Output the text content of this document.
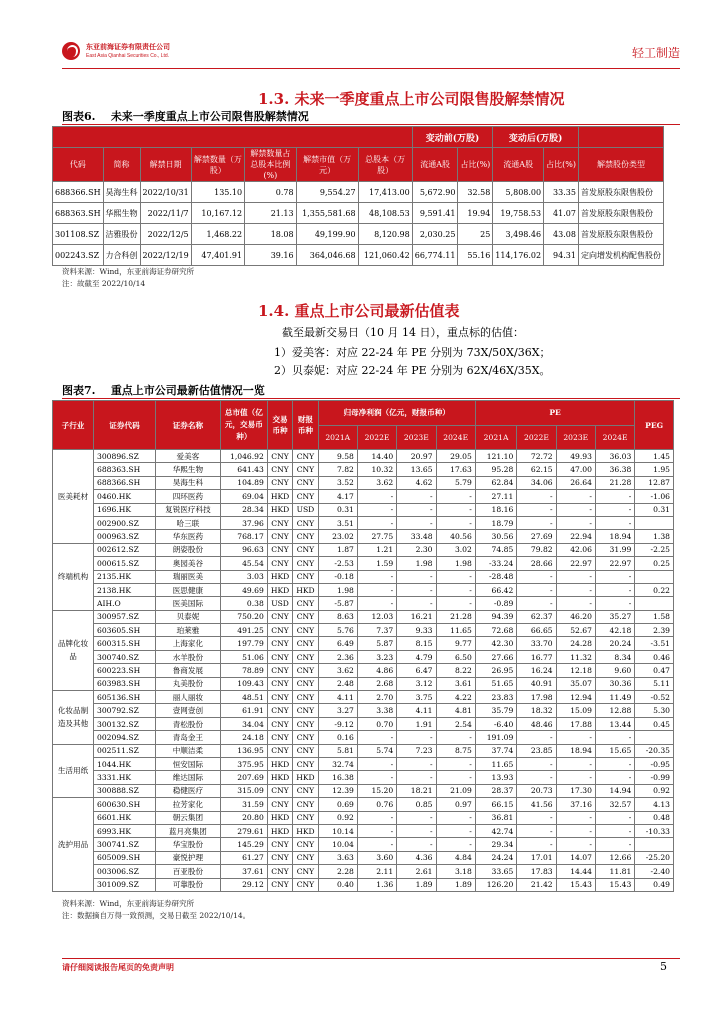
东亚前海证券有限责任公司
East Asia Qianhai Securities Co., Ltd.	轻工制造
1.3. 未来一季度重点上市公司限售股解禁情况
图表6. 未来一季度重点上市公司限售股解禁情况
							变动前(万股)		变动后(万股)		
代码	简称	解禁日期	解禁数量（万股）	解禁数量占总股本比例(%)	解禁市值（万元）	总股本（万股）	流通A股	占比(%)	流通A股	占比(%)	解禁股份类型
688366.SH	昊海生科	2022/10/31	135.10	0.78	9,554.27	17,413.00	5,672.90	32.58	5,808.00	33.35	首发原股东限售股份
688363.SH	华熙生物	2022/11/7	10,167.12	21.13	1,355,581.68	48,108.53	9,591.41	19.94	19,758.53	41.07	首发原股东限售股份
301108.SZ	洁雅股份	2022/12/5	1,468.22	18.08	49,199.90	8,120.98	2,030.25	25	3,498.46	43.08	首发原股东限售股份
002243.SZ	力合科创	2022/12/19	47,401.91	39.16	364,046.68	121,060.42	66,774.11	55.16	114,176.02	94.31	定向增发机构配售股份
资料来源：Wind，东亚前海证券研究所
注：故截至 2022/10/14
1.4. 重点上市公司最新估值表
截至最新交易日（10 月 14 日），重点标的估值：
1）爱美客：对应 22-24 年 PE 分别为 73X/50X/36X；
2）贝泰妮：对应 22-24 年 PE 分别为 62X/46X/35X。
图表7. 重点上市公司最新估值情况一览
子行业	证券代码	证券名称	总市值（亿元，交易币种）	交易币种	财报币种	归母净利润（亿元，财报币种）				PE				PEG
						2021A	2022E	2023E	2024E	2021A	2022E	2023E	2024E	
医美耗材	300896.SZ	爱美客	1,046.92	CNY	CNY	9.58	14.40	20.97	29.05	121.10	72.72	49.93	36.03	1.45
	688363.SH	华熙生物	641.43	CNY	CNY	7.82	10.32	13.65	17.63	95.28	62.15	47.00	36.38	1.95
	688366.SH	昊海生科	104.89	CNY	CNY	3.52	3.62	4.62	5.79	62.84	34.06	26.64	21.28	12.87
	0460.HK	四环医药	69.04	HKD	CNY	4.17	-	-	-	27.11	-	-	-	-1.06
	1696.HK	复锐医疗科技	28.34	HKD	USD	0.31	-	-	-	18.16	-	-	-	0.31
	002900.SZ	哈三联	37.96	CNY	CNY	3.51	-	-	-	18.79	-	-	-	
	000963.SZ	华东医药	768.17	CNY	CNY	23.02	27.75	33.48	40.56	30.56	27.69	22.94	18.94	1.38
终端机构	002612.SZ	朗姿股份	96.63	CNY	CNY	1.87	1.21	2.30	3.02	74.85	79.82	42.06	31.99	-2.25
	000615.SZ	奥园美谷	45.54	CNY	CNY	-2.53	1.59	1.98	1.98	-33.24	28.66	22.97	22.97	0.25
	2135.HK	瑞丽医美	3.03	HKD	CNY	-0.18	-	-	-	-28.48	-	-	-	
	2138.HK	医思健康	49.69	HKD	HKD	1.98	-	-	-	66.42	-	-	-	0.22
	AIH.O	医美国际	0.38	USD	CNY	-5.87	-	-	-	-0.89	-	-	-	
品牌化妆品	300957.SZ	贝泰妮	750.20	CNY	CNY	8.63	12.03	16.21	21.28	94.39	62.37	46.20	35.27	1.58
	603605.SH	珀莱雅	491.25	CNY	CNY	5.76	7.37	9.33	11.65	72.68	66.65	52.67	42.18	2.39
	600315.SH	上海家化	197.79	CNY	CNY	6.49	5.87	8.15	9.77	42.30	33.70	24.28	20.24	-3.51
	300740.SZ	水羊股份	51.06	CNY	CNY	2.36	3.23	4.79	6.50	27.66	16.77	11.32	8.34	0.46
	600223.SH	鲁商发展	78.89	CNY	CNY	3.62	4.86	6.47	8.22	26.95	16.24	12.18	9.60	0.47
	603983.SH	丸美股份	109.43	CNY	CNY	2.48	2.68	3.12	3.61	51.65	40.91	35.07	30.36	5.11
化妆品制造及其他	605136.SH	丽人丽妆	48.51	CNY	CNY	4.11	2.70	3.75	4.22	23.83	17.98	12.94	11.49	-0.52
	300792.SZ	壹网壹创	61.91	CNY	CNY	3.27	3.38	4.11	4.81	35.79	18.32	15.09	12.88	5.30
	300132.SZ	青松股份	34.04	CNY	CNY	-9.12	0.70	1.91	2.54	-6.40	48.46	17.88	13.44	0.45
	002094.SZ	青岛金王	24.18	CNY	CNY	0.16	-	-	-	191.09	-	-	-	
生活用纸	002511.SZ	中顺洁柔	136.95	CNY	CNY	5.81	5.74	7.23	8.75	37.74	23.85	18.94	15.65	-20.35
	1044.HK	恒安国际	375.95	HKD	CNY	32.74	-	-	-	11.65	-	-	-	-0.95
	3331.HK	维达国际	207.69	HKD	HKD	16.38	-	-	-	13.93	-	-	-	-0.99
	300888.SZ	稳健医疗	315.09	CNY	CNY	12.39	15.20	18.21	21.09	28.37	20.73	17.30	14.94	0.92
洗护用品	600630.SH	拉芳家化	31.59	CNY	CNY	0.69	0.76	0.85	0.97	66.15	41.56	37.16	32.57	4.13
	6601.HK	朝云集团	20.80	HKD	CNY	0.92	-	-	-	36.81	-	-	-	0.48
	6993.HK	蓝月亮集团	279.61	HKD	HKD	10.14	-	-	-	42.74	-	-	-	-10.33
	300741.SZ	华宝股份	145.29	CNY	CNY	10.04	-	-	-	29.34	-	-	-	
	605009.SH	豪悦护理	61.27	CNY	CNY	3.63	3.60	4.36	4.84	24.24	17.01	14.07	12.66	-25.20
	003006.SZ	百亚股份	37.61	CNY	CNY	2.28	2.11	2.61	3.18	33.65	17.83	14.44	11.81	-2.40
	301009.SZ	可靠股份	29.12	CNY	CNY	0.40	1.36	1.89	1.89	126.20	21.42	15.43	15.43	0.49
资料来源：Wind，东亚前海证券研究所
注：数据摘自万得一致预测，交易日截至 2022/10/14。
请仔细阅读报告尾页的免责声明	5
